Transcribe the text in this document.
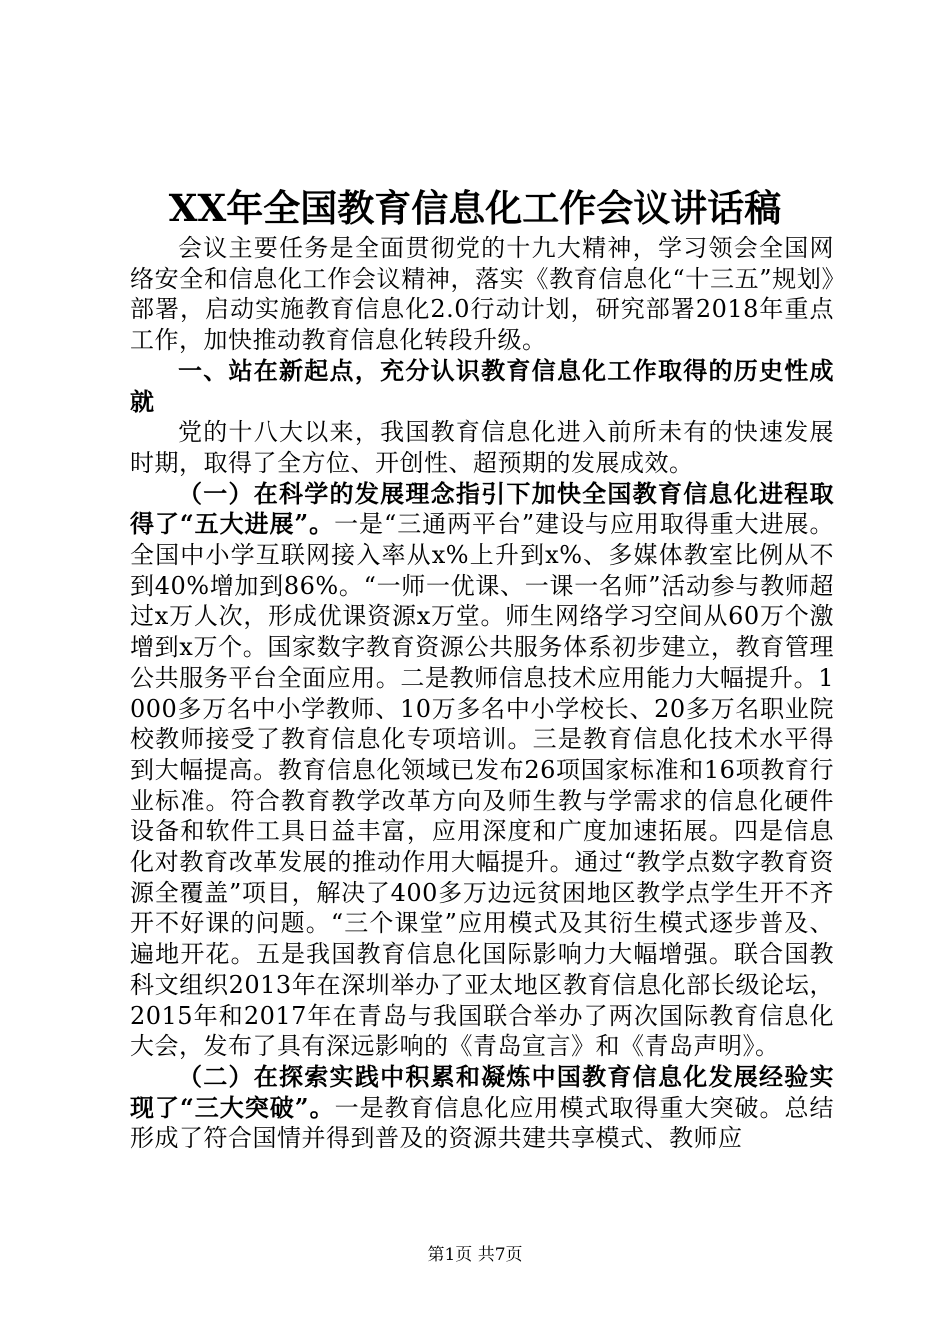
XX年全国教育信息化工作会议讲话稿

会议主要任务是全面贯彻党的十九大精神，学习领会全国网络安全和信息化工作会议精神，落实《教育信息化“十三五”规划》部署，启动实施教育信息化2.0行动计划，研究部署2018年重点工作，加快推动教育信息化转段升级。

一、站在新起点，充分认识教育信息化工作取得的历史性成就

党的十八大以来，我国教育信息化进入前所未有的快速发展时期，取得了全方位、开创性、超预期的发展成效。

（一）在科学的发展理念指引下加快全国教育信息化进程取得了“五大进展”。一是“三通两平台”建设与应用取得重大进展。全国中小学互联网接入率从x%上升到x%、多媒体教室比例从不到40%增加到86%。“一师一优课、一课一名师”活动参与教师超过x万人次，形成优课资源x万堂。师生网络学习空间从60万个激增到x万个。国家数字教育资源公共服务体系初步建立，教育管理公共服务平台全面应用。二是教师信息技术应用能力大幅提升。1000多万名中小学教师、10万多名中小学校长、20多万名职业院校教师接受了教育信息化专项培训。三是教育信息化技术水平得到大幅提高。教育信息化领域已发布26项国家标准和16项教育行业标准。符合教育教学改革方向及师生教与学需求的信息化硬件设备和软件工具日益丰富，应用深度和广度加速拓展。四是信息化对教育改革发展的推动作用大幅提升。通过“教学点数字教育资源全覆盖”项目，解决了400多万边远贫困地区教学点学生开不齐开不好课的问题。“三个课堂”应用模式及其衍生模式逐步普及、遍地开花。五是我国教育信息化国际影响力大幅增强。联合国教科文组织2013年在深圳举办了亚太地区教育信息化部长级论坛，2015年和2017年在青岛与我国联合举办了两次国际教育信息化大会，发布了具有深远影响的《青岛宣言》和《青岛声明》。

（二）在探索实践中积累和凝炼中国教育信息化发展经验实现了“三大突破”。一是教育信息化应用模式取得重大突破。总结形成了符合国情并得到普及的资源共建共享模式、教师应

第1页 共7页
